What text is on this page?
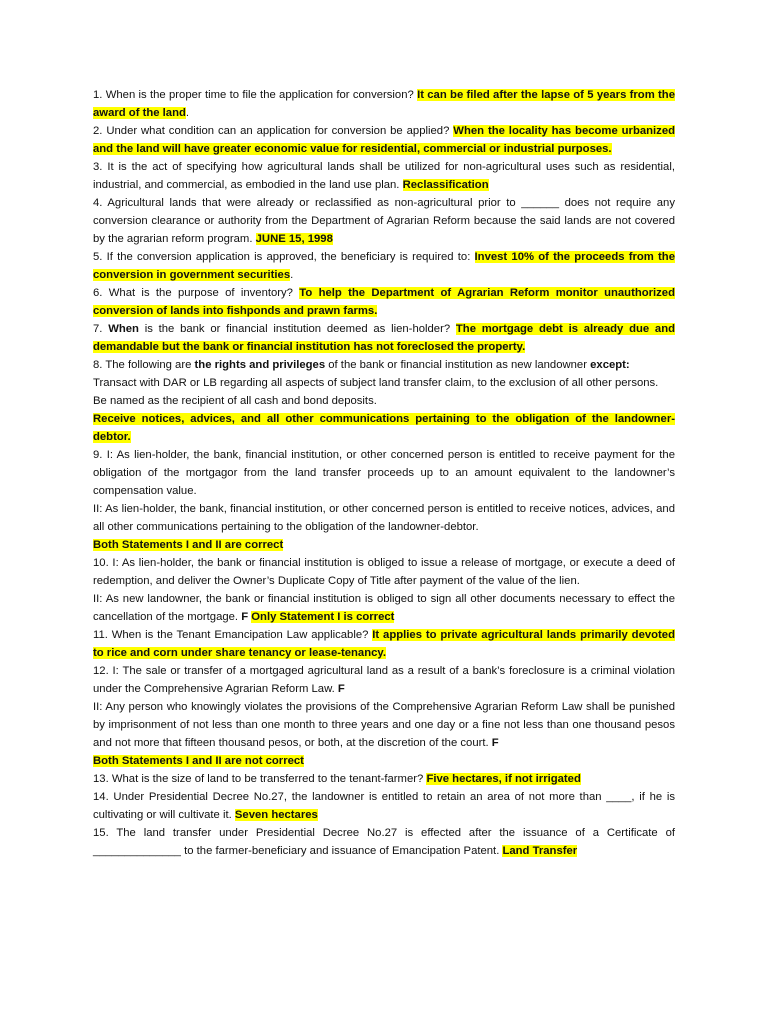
1. When is the proper time to file the application for conversion? It can be filed after the lapse of 5 years from the award of the land.

2. Under what condition can an application for conversion be applied? When the locality has become urbanized and the land will have greater economic value for residential, commercial or industrial purposes.

3. It is the act of specifying how agricultural lands shall be utilized for non-agricultural uses such as residential, industrial, and commercial, as embodied in the land use plan. Reclassification

4. Agricultural lands that were already or reclassified as non-agricultural prior to ______ does not require any conversion clearance or authority from the Department of Agrarian Reform because the said lands are not covered by the agrarian reform program. JUNE 15, 1998

5. If the conversion application is approved, the beneficiary is required to: Invest 10% of the proceeds from the conversion in government securities.

6. What is the purpose of inventory? To help the Department of Agrarian Reform monitor unauthorized conversion of lands into fishponds and prawn farms.

7. When is the bank or financial institution deemed as lien-holder? The mortgage debt is already due and demandable but the bank or financial institution has not foreclosed the property.

8. The following are the rights and privileges of the bank or financial institution as new landowner except:

Transact with DAR or LB regarding all aspects of subject land transfer claim, to the exclusion of all other persons.

Be named as the recipient of all cash and bond deposits.

Receive notices, advices, and all other communications pertaining to the obligation of the landowner-debtor.

9. I: As lien-holder, the bank, financial institution, or other concerned person is entitled to receive payment for the obligation of the mortgagor from the land transfer proceeds up to an amount equivalent to the landowner’s compensation value.

II: As lien-holder, the bank, financial institution, or other concerned person is entitled to receive notices, advices, and all other communications pertaining to the obligation of the landowner-debtor.

Both Statements I and II are correct

10. I: As lien-holder, the bank or financial institution is obliged to issue a release of mortgage, or execute a deed of redemption, and deliver the Owner’s Duplicate Copy of Title after payment of the value of the lien.

II: As new landowner, the bank or financial institution is obliged to sign all other documents necessary to effect the cancellation of the mortgage. F Only Statement I is correct

11. When is the Tenant Emancipation Law applicable? It applies to private agricultural lands primarily devoted to rice and corn under share tenancy or lease-tenancy.

12. I: The sale or transfer of a mortgaged agricultural land as a result of a bank’s foreclosure is a criminal violation under the Comprehensive Agrarian Reform Law. F

II: Any person who knowingly violates the provisions of the Comprehensive Agrarian Reform Law shall be punished by imprisonment of not less than one month to three years and one day or a fine not less than one thousand pesos and not more that fifteen thousand pesos, or both, at the discretion of the court. F

Both Statements I and II are not correct

13. What is the size of land to be transferred to the tenant-farmer? Five hectares, if not irrigated

14. Under Presidential Decree No.27, the landowner is entitled to retain an area of not more than ____, if he is cultivating or will cultivate it. Seven hectares

15. The land transfer under Presidential Decree No.27 is effected after the issuance of a Certificate of ______________ to the farmer-beneficiary and issuance of Emancipation Patent. Land Transfer
